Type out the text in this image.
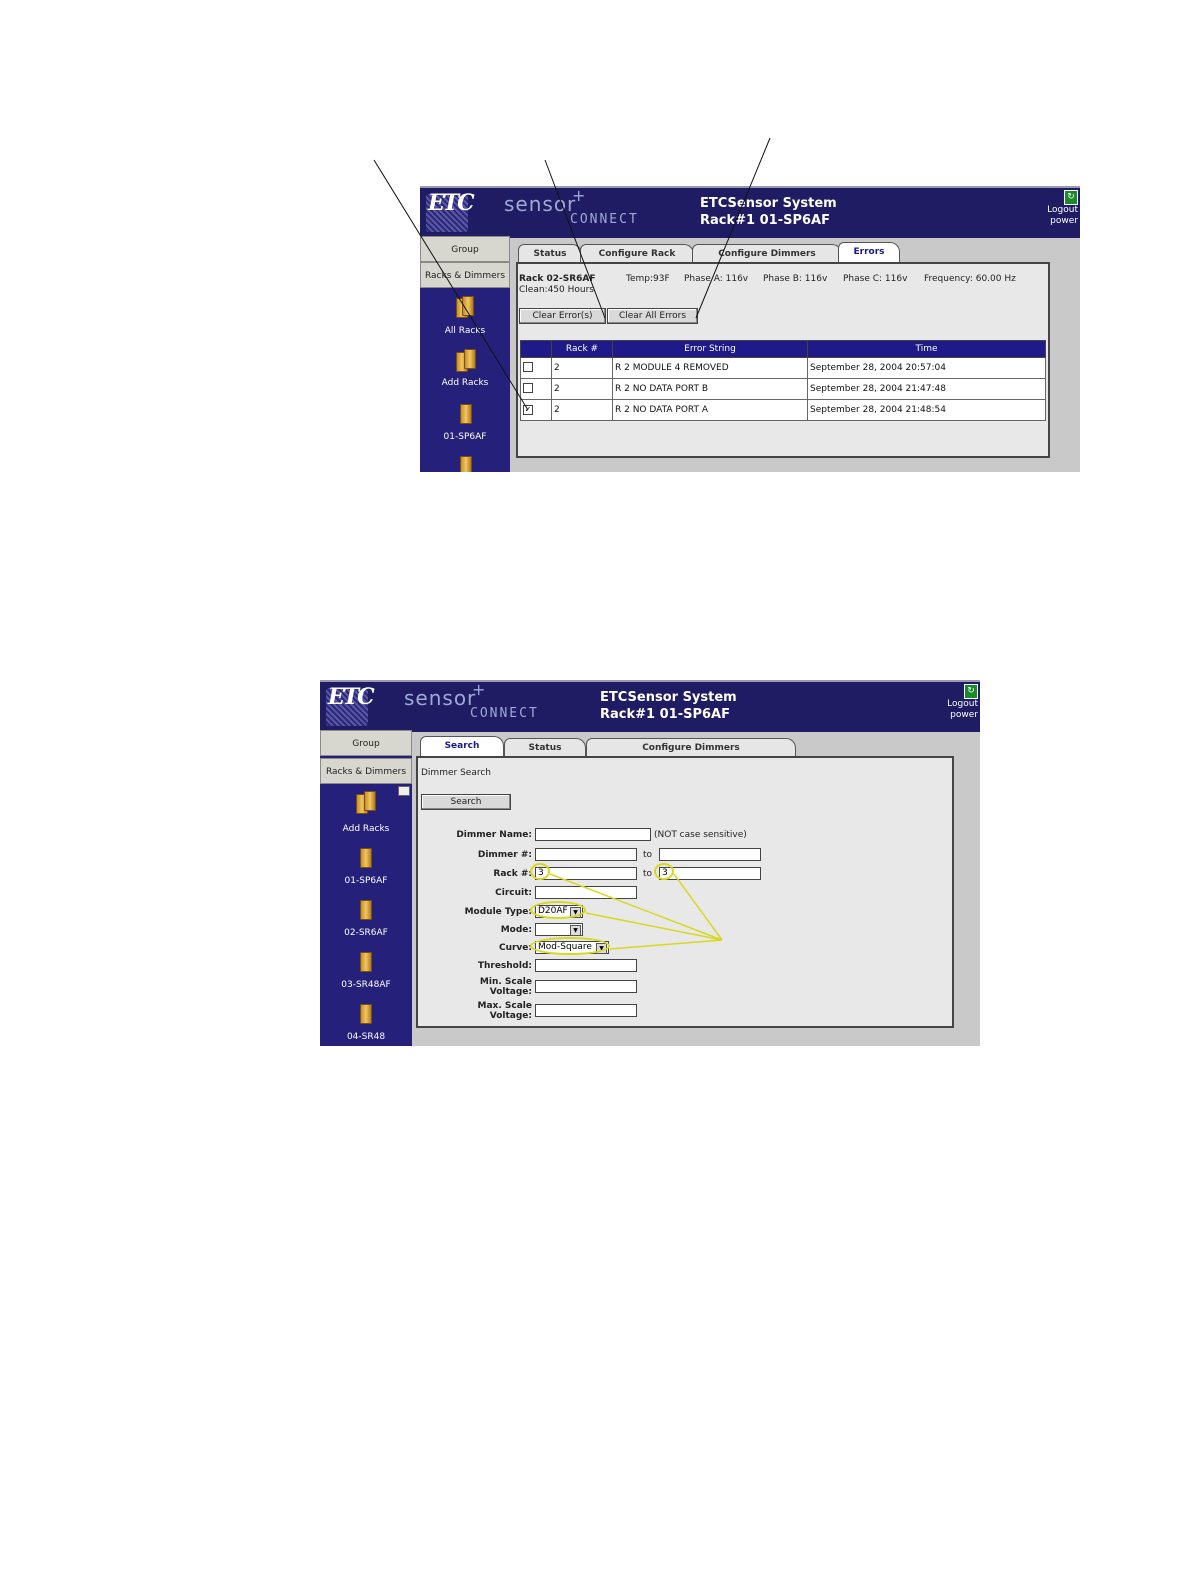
ETC sensor
+
CONNECT
ETCSensor System
Rack#1 01-SP6AF
↻
Logout
power
Group
Racks & Dimmers
All Racks
Add Racks
01-SP6AF
Status	Configure Rack	Configure Dimmers	Errors
Rack 02-SR6AF
Clean:450 Hours
Temp:93F Phase A: 116v Phase B: 116v Phase C: 116v Frequency: 60.00 Hz
Clear Error(s)	Clear All Errors
	Rack #	Error String	Time
	2	R 2 MODULE 4 REMOVED	September 28, 2004 20:57:04
	2	R 2 NO DATA PORT B	September 28, 2004 21:47:48
✓	2	R 2 NO DATA PORT A	September 28, 2004 21:48:54
ETC sensor
+
CONNECT
ETCSensor System
Rack#1 01-SP6AF
↻
Logout
power
Group
Racks & Dimmers
Add Racks
01-SP6AF
02-SR6AF
03-SR48AF
04-SR48
Search	Status	Configure Dimmers
Dimmer Search
Search
Dimmer Name:	(NOT case sensitive)
Dimmer #:	to
Rack #: 3	to	3
Circuit:
Module Type: D20AF ▼
Mode:	▼
Curve: Mod-Square	▼
Threshold:
Min. Scale
Voltage:
Max. Scale
Voltage:
